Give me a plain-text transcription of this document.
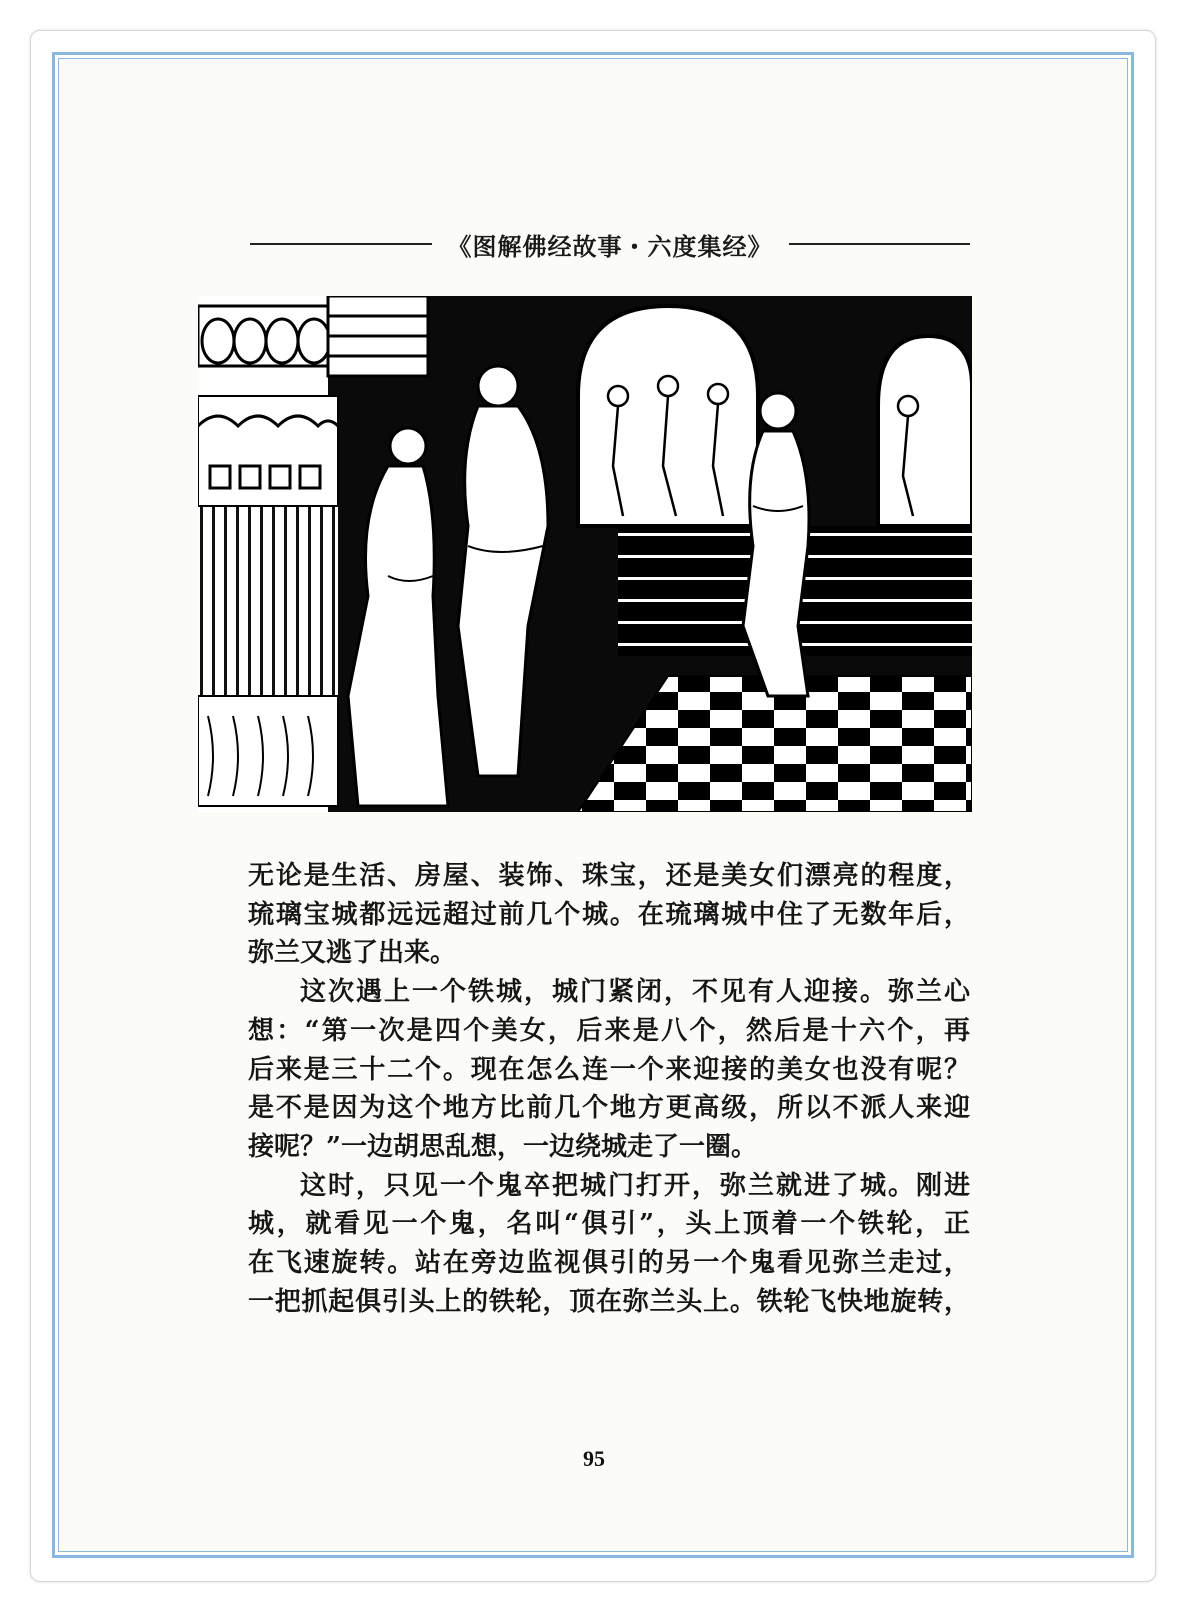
《图解佛经故事・六度集经》

无论是生活、房屋、装饰、珠宝，还是美女们漂亮的程度，
琉璃宝城都远远超过前几个城。在琉璃城中住了无数年后，
弥兰又逃了出来。

这次遇上一个铁城，城门紧闭，不见有人迎接。弥兰心
想：“第一次是四个美女，后来是八个，然后是十六个，再
后来是三十二个。现在怎么连一个来迎接的美女也没有呢？
是不是因为这个地方比前几个地方更高级，所以不派人来迎
接呢？”一边胡思乱想，一边绕城走了一圈。

这时，只见一个鬼卒把城门打开，弥兰就进了城。刚进
城，就看见一个鬼，名叫“俱引”，头上顶着一个铁轮，正
在飞速旋转。站在旁边监视俱引的另一个鬼看见弥兰走过，
一把抓起俱引头上的铁轮，顶在弥兰头上。铁轮飞快地旋转，

95
